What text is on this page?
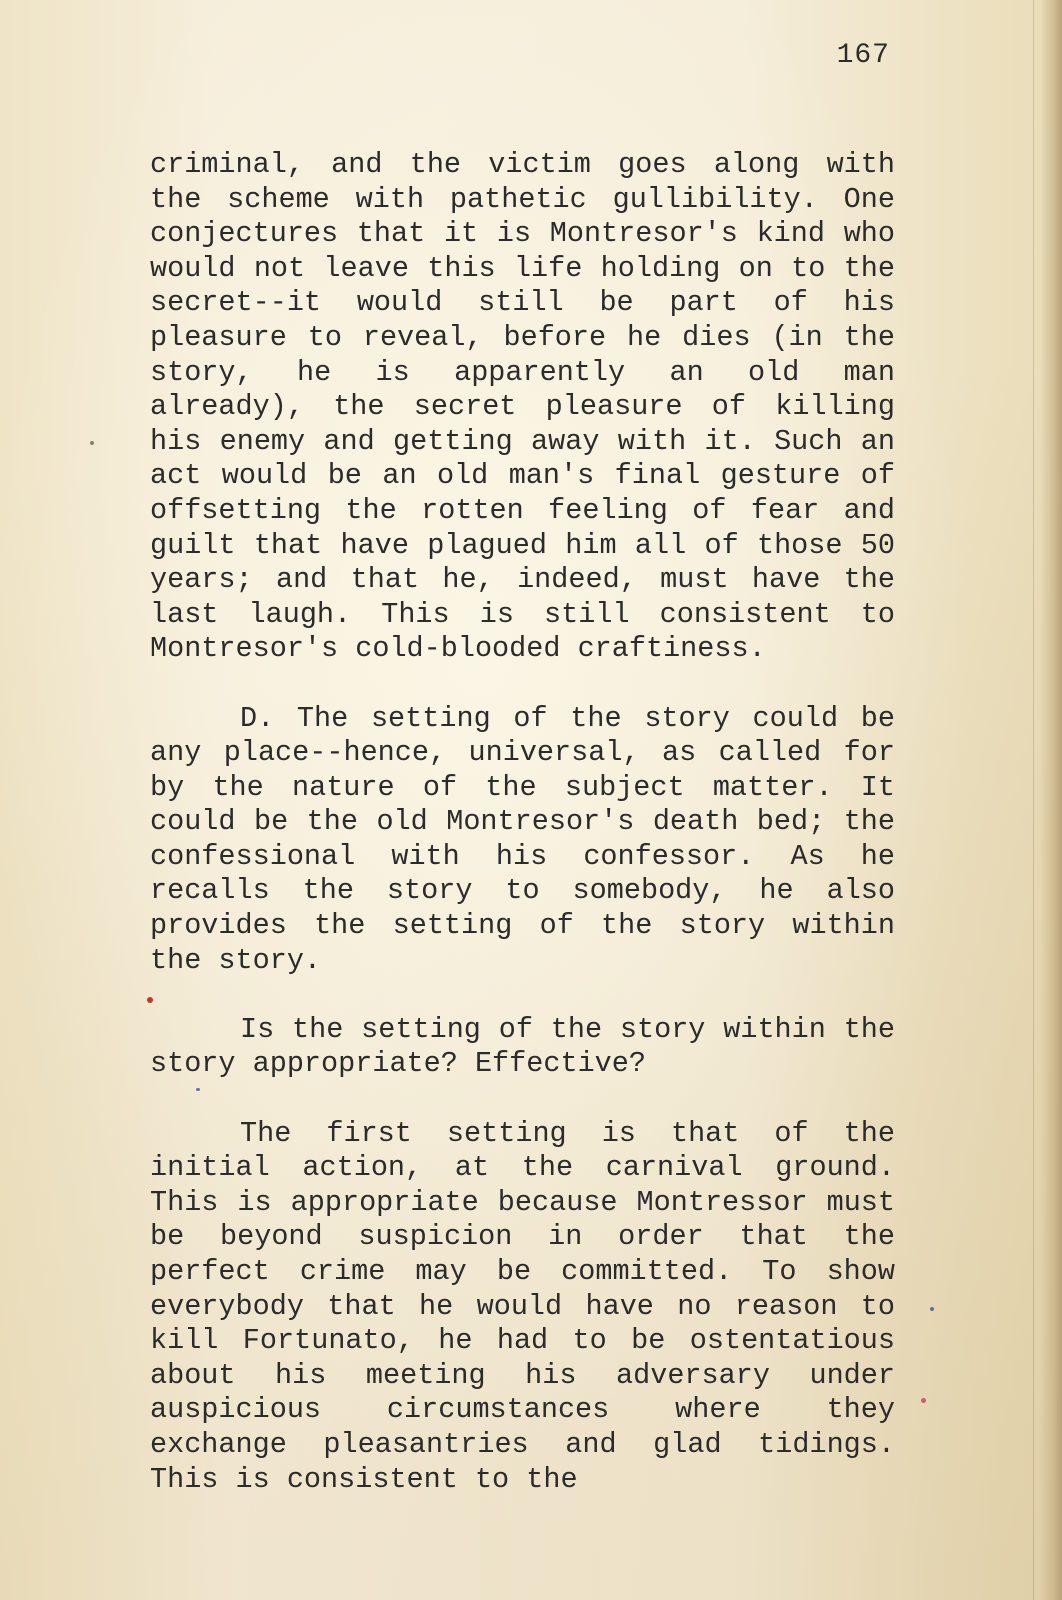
167

criminal, and the victim goes along with the scheme with pathetic gullibility. One conjectures that it is Montresor's kind who would not leave this life holding on to the secret--it would still be part of his pleasure to reveal, before he dies (in the story, he is apparently an old man already), the secret pleasure of killing his enemy and getting away with it. Such an act would be an old man's final gesture of offsetting the rotten feeling of fear and guilt that have plagued him all of those 50 years; and that he, indeed, must have the last laugh. This is still consistent to Montresor's cold-blooded craftiness.

D. The setting of the story could be any place--hence, universal, as called for by the nature of the subject matter. It could be the old Montresor's death bed; the confessional with his confessor. As he recalls the story to somebody, he also provides the setting of the story within the story.

Is the setting of the story within the story appropriate? Effective?

The first setting is that of the initial action, at the carnival ground. This is appropriate because Montressor must be beyond suspicion in order that the perfect crime may be committed. To show everybody that he would have no reason to kill Fortunato, he had to be ostentatious about his meeting his adversary under auspicious circumstances where they exchange pleasantries and glad tidings. This is consistent to the
